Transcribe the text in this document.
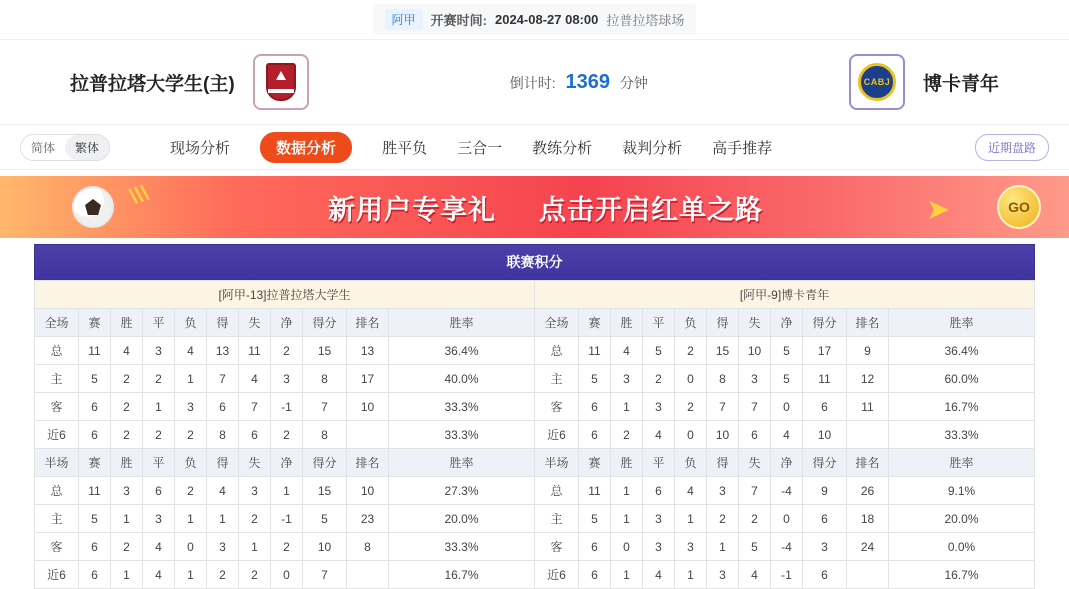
阿甲	开赛时间: 2024-08-27 08:00 拉普拉塔球场
拉普拉塔大学生(主)	倒计时: 1369 分钟	CABJ	博卡青年
简体	繁体	现场分析	数据分析	胜平负 三合一 教练分析 裁判分析 高手推荐	近期盘路
\\\	新用户专享礼 点击开启红单之路	➤	GO
联赛积分
[阿甲-13]拉普拉塔大学生											[阿甲-9]博卡青年										
全场	赛	胜	平	负	得	失	净	得分	排名	胜率	全场	赛	胜	平	负	得	失	净	得分	排名	胜率
总	11	4	3	4	13	11	2	15	13	36.4%	总	11	4	5	2	15	10	5	17	9	36.4%
主	5	2	2	1	7	4	3	8	17	40.0%	主	5	3	2	0	8	3	5	11	12	60.0%
客	6	2	1	3	6	7	-1	7	10	33.3%	客	6	1	3	2	7	7	0	6	11	16.7%
近6	6	2	2	2	8	6	2	8		33.3%	近6	6	2	4	0	10	6	4	10		33.3%
半场	赛	胜	平	负	得	失	净	得分	排名	胜率	半场	赛	胜	平	负	得	失	净	得分	排名	胜率
总	11	3	6	2	4	3	1	15	10	27.3%	总	11	1	6	4	3	7	-4	9	26	9.1%
主	5	1	3	1	1	2	-1	5	23	20.0%	主	5	1	3	1	2	2	0	6	18	20.0%
客	6	2	4	0	3	1	2	10	8	33.3%	客	6	0	3	3	1	5	-4	3	24	0.0%
近6	6	1	4	1	2	2	0	7		16.7%	近6	6	1	4	1	3	4	-1	6		16.7%
